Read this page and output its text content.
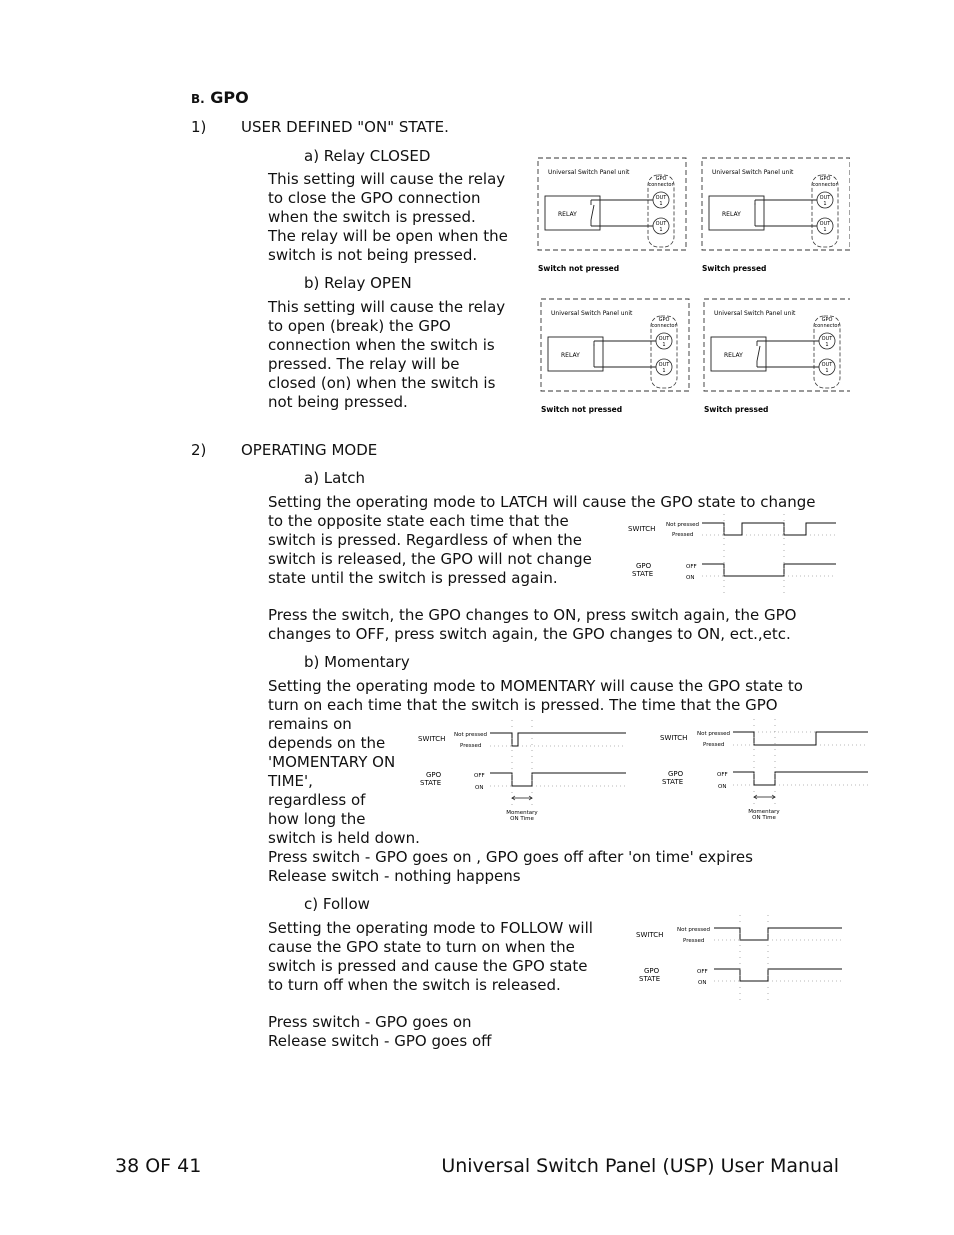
B. GPO
1) USER DEFINED "ON" STATE.
a) Relay CLOSED
This setting will cause the relay
to close the GPO connection
when the switch is pressed.
The relay will be open when the
switch is not being pressed.
b) Relay OPEN
This setting will cause the relay
to open (break) the GPO
connection when the switch is
pressed. The relay will be
closed (on) when the switch is
not being pressed.
Universal Switch Panel unit
GPO
connector
RELAY
OUT
1
OUT
1
Switch not pressed
Universal Switch Panel unit
GPO
connector
RELAY
OUT
1
OUT
1
Switch pressed
Universal Switch Panel unit
GPO
connector
RELAY
OUT
1
OUT
1
Switch not pressed
Universal Switch Panel unit
GPO
connector
RELAY
OUT
1
OUT
1
Switch pressed
2) OPERATING MODE
a) Latch
Setting the operating mode to LATCH will cause the GPO state to change
to the opposite state each time that the
switch is pressed. Regardless of when the
switch is released, the GPO will not change
state until the switch is pressed again.
Press the switch, the GPO changes to ON, press switch again, the GPO
changes to OFF, press switch again, the GPO changes to ON, ect.,etc.
SWITCH Not pressed
Pressed
GPO
STATE
OFF
ON
b) Momentary
Setting the operating mode to MOMENTARY will cause the GPO state to
turn on each time that the switch is pressed. The time that the GPO
remains on
depends on the
'MOMENTARY ON
TIME',
regardless of
how long the
switch is held down.
Press switch - GPO goes on , GPO goes off after 'on time' expires
Release switch - nothing happens
SWITCH Not pressed
Pressed
GPO
STATE
OFF
ON
Momentary
ON Time
SWITCH Not pressed
Pressed
GPO
STATE
OFF
ON
Momentary
ON Time
c) Follow
Setting the operating mode to FOLLOW will
cause the GPO state to turn on when the
switch is pressed and cause the GPO state
to turn off when the switch is released.
Press switch - GPO goes on
Release switch - GPO goes off
SWITCH
Not pressed
Pressed
GPO
STATE
OFF
ON
38 OF 41	Universal Switch Panel (USP) User Manual
